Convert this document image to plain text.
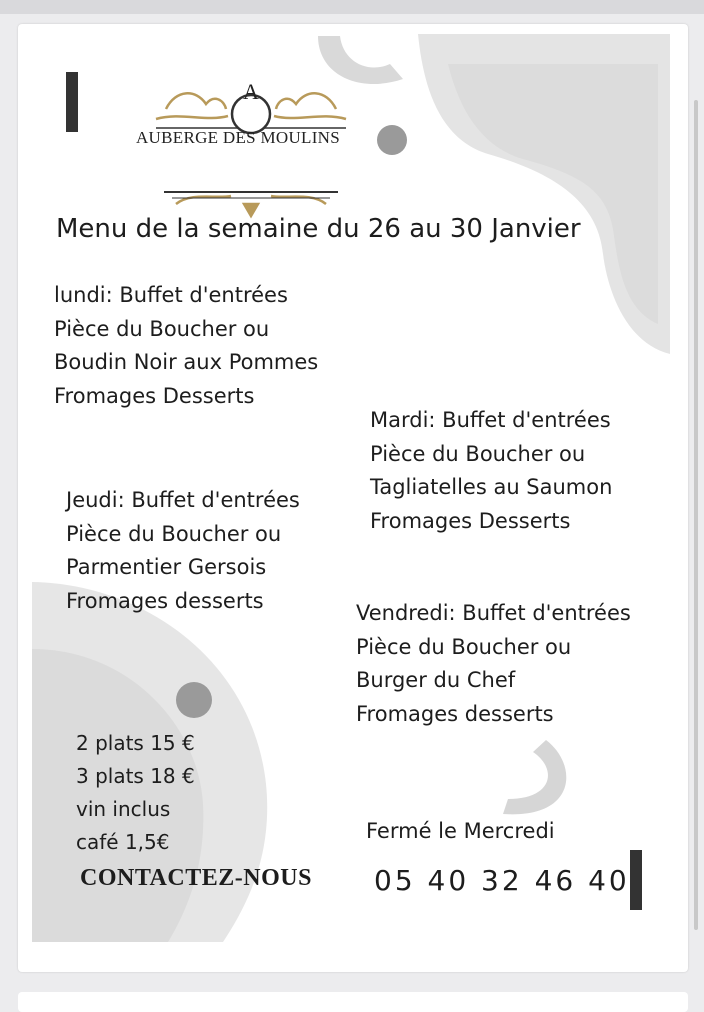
A
AUBERGE DES MOULINS
Menu de la semaine du 26 au 30 Janvier
lundi: Buffet d'entrées
Pièce du Boucher ou
Boudin Noir aux Pommes
Fromages Desserts
Mardi: Buffet d'entrées
Pièce du Boucher ou
Tagliatelles au Saumon
Fromages Desserts
Jeudi: Buffet d'entrées
Pièce du Boucher ou
Parmentier Gersois
Fromages desserts
Vendredi: Buffet d'entrées
Pièce du Boucher ou
Burger du Chef
Fromages desserts
2 plats 15 €
3 plats 18 €
vin inclus
café 1,5€	Fermé le Mercredi
CONTACTEZ-NOUS 05 40 32 46 40
